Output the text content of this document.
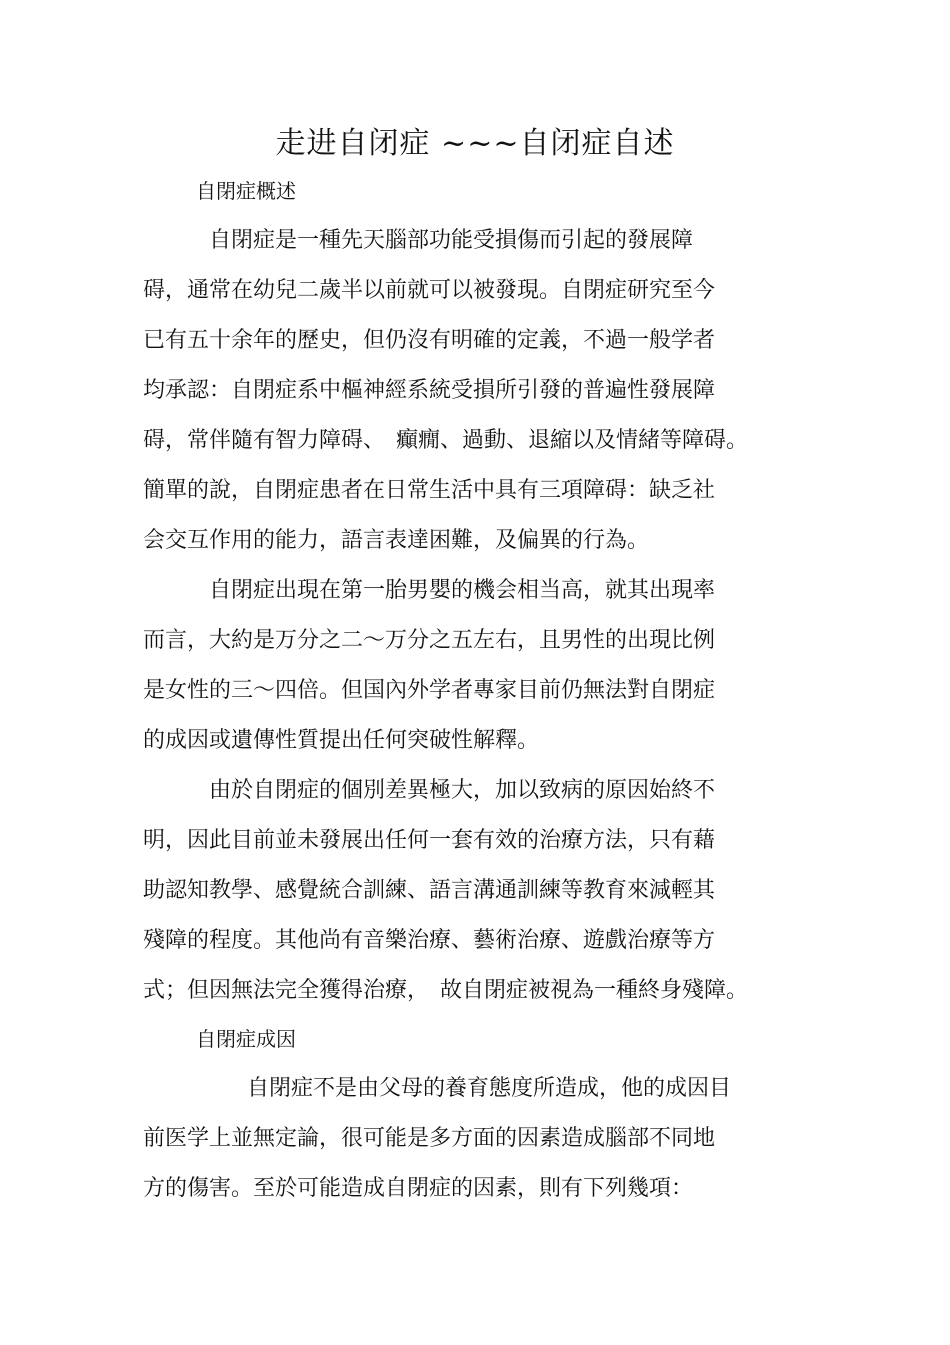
走进自闭症 ~~~自闭症自述
自閉症概述
自閉症是一種先天腦部功能受損傷而引起的發展障
碍，通常在幼兒二歲半以前就可以被發現。自閉症研究至今
已有五十余年的歷史，但仍沒有明確的定義，不過一般学者
均承認：自閉症系中樞神經系統受損所引發的普遍性發展障
碍，常伴隨有智力障碍、　癲癇、過動、退縮以及情緒等障碍。
簡單的說，自閉症患者在日常生活中具有三項障碍：缺乏社
会交互作用的能力，語言表達困難，及偏異的行為。
自閉症出現在第一胎男嬰的機会相当高，就其出現率
而言，大約是万分之二～万分之五左右，且男性的出現比例
是女性的三～四倍。但国內外学者專家目前仍無法對自閉症
的成因或遺傳性質提出任何突破性解釋。
由於自閉症的個別差異極大，加以致病的原因始終不
明，因此目前並未發展出任何一套有效的治療方法，只有藉
助認知教學、感覺統合訓練、語言溝通訓練等教育來減輕其
殘障的程度。其他尚有音樂治療、藝術治療、遊戲治療等方
式；但因無法完全獲得治療，　故自閉症被視為一種終身殘障。
自閉症成因
自閉症不是由父母的養育態度所造成，他的成因目
前医学上並無定論，很可能是多方面的因素造成腦部不同地
方的傷害。至於可能造成自閉症的因素，則有下列幾項：
